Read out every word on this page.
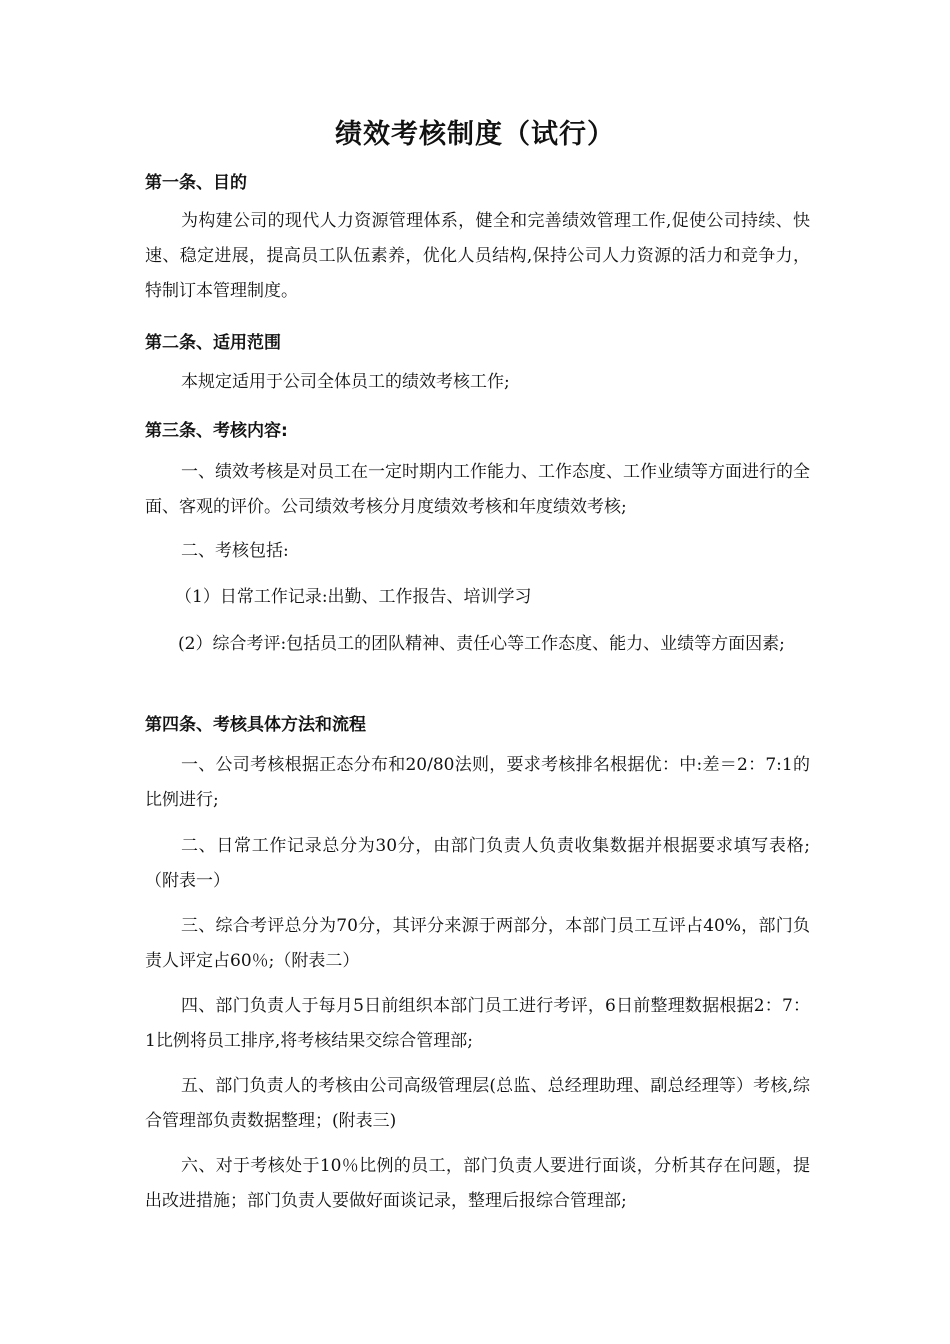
绩效考核制度（试行）
第一条、目的
为构建公司的现代人力资源管理体系，健全和完善绩效管理工作,促使公司持续、快速、稳定进展，提高员工队伍素养，优化人员结构,保持公司人力资源的活力和竞争力，特制订本管理制度。
第二条、适用范围
本规定适用于公司全体员工的绩效考核工作;
第三条、考核内容:
一、绩效考核是对员工在一定时期内工作能力、工作态度、工作业绩等方面进行的全面、客观的评价。公司绩效考核分月度绩效考核和年度绩效考核;
二、考核包括:
（1）日常工作记录:出勤、工作报告、培训学习
(2）综合考评:包括员工的团队精神、责任心等工作态度、能力、业绩等方面因素;
第四条、考核具体方法和流程
一、公司考核根据正态分布和20/80法则，要求考核排名根据优：中:差＝2：7:1的比例进行;
二、日常工作记录总分为30分，由部门负责人负责收集数据并根据要求填写表格;（附表一）
三、综合考评总分为70分，其评分来源于两部分，本部门员工互评占40%，部门负责人评定占60％;（附表二）
四、部门负责人于每月5日前组织本部门员工进行考评，6日前整理数据根据2：7：1比例将员工排序,将考核结果交综合管理部;
五、部门负责人的考核由公司高级管理层(总监、总经理助理、副总经理等）考核,综合管理部负责数据整理；(附表三)
六、对于考核处于10％比例的员工，部门负责人要进行面谈，分析其存在问题，提出改进措施；部门负责人要做好面谈记录，整理后报综合管理部;
